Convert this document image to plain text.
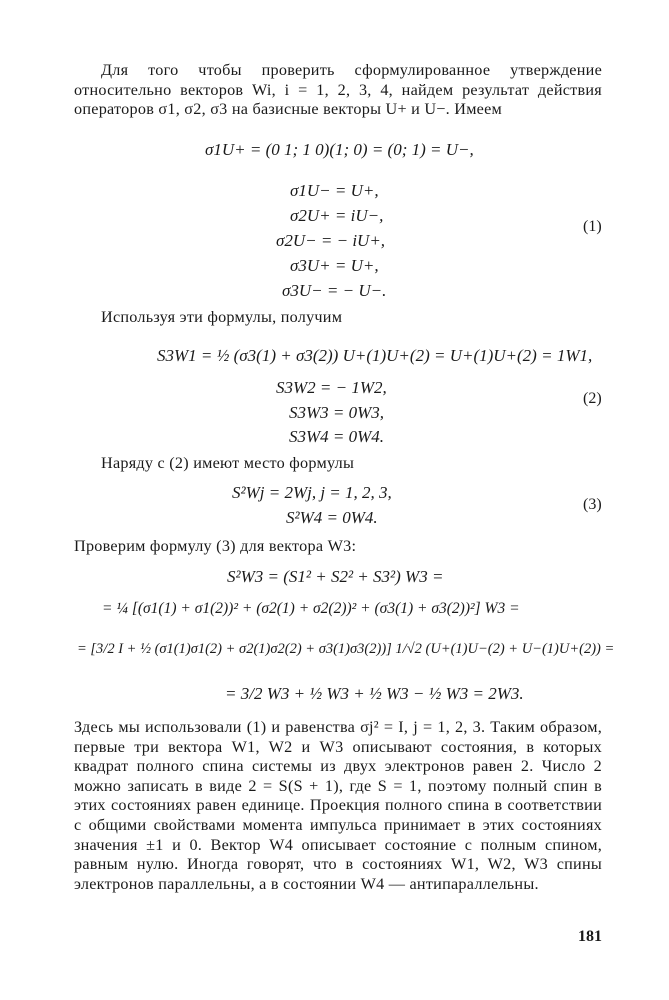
Для того чтобы проверить сформулированное утверждение относительно векторов Wi, i = 1, 2, 3, 4, найдем результат действия операторов σ1, σ2, σ3 на базисные векторы U+ и U−. Имеем
σ1U+ = (0 1; 1 0)(1; 0) = (0; 1) = U−,
σ1U− = U+,
σ2U+ = iU−,
σ2U− = − iU+,
σ3U+ = U+,
σ3U− = − U−.
(1)
Используя эти формулы, получим
S3W1 = ½ (σ3(1) + σ3(2)) U+(1)U+(2) = U+(1)U+(2) = 1W1,
S3W2 = − 1W2,
S3W3 = 0W3,
S3W4 = 0W4.
(2)
Наряду с (2) имеют место формулы
S²Wj = 2Wj, j = 1, 2, 3,
S²W4 = 0W4.
(3)
Проверим формулу (3) для вектора W3:
S²W3 = (S1² + S2² + S3²) W3 =
= ¼ [(σ1(1) + σ1(2))² + (σ2(1) + σ2(2))² + (σ3(1) + σ3(2))²] W3 =
= [3/2 I + ½ (σ1(1)σ1(2) + σ2(1)σ2(2) + σ3(1)σ3(2))] 1/√2 (U+(1)U−(2) + U−(1)U+(2)) =
= 3/2 W3 + ½ W3 + ½ W3 − ½ W3 = 2W3.
Здесь мы использовали (1) и равенства σj² = I, j = 1, 2, 3. Таким образом, первые три вектора W1, W2 и W3 описывают состояния, в которых квадрат полного спина системы из двух электронов равен 2. Число 2 можно записать в виде 2 = S(S + 1), где S = 1, поэтому полный спин в этих состояниях равен единице. Проекция полного спина в соответствии с общими свойствами момента импульса принимает в этих состояниях значения ±1 и 0. Вектор W4 описывает состояние с полным спином, равным нулю. Иногда говорят, что в состояниях W1, W2, W3 спины электронов параллельны, а в состоянии W4 — антипараллельны.
181
